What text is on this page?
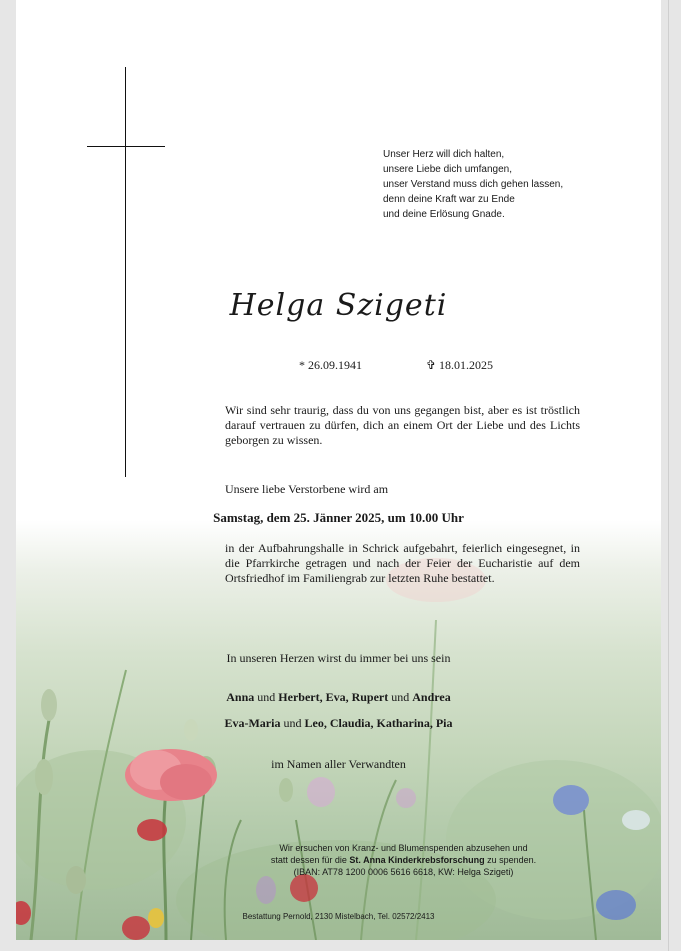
Unser Herz will dich halten,
unsere Liebe dich umfangen,
unser Verstand muss dich gehen lassen,
denn deine Kraft war zu Ende
und deine Erlösung Gnade.
Helga Szigeti
* 26.09.1941	✞ 18.01.2025
Wir sind sehr traurig, dass du von uns gegangen bist, aber es ist tröstlich darauf vertrauen zu dürfen, dich an einem Ort der Liebe und des Lichts geborgen zu wissen.
Unsere liebe Verstorbene wird am
Samstag, dem 25. Jänner 2025, um 10.00 Uhr
in der Aufbahrungshalle in Schrick aufgebahrt, feierlich eingesegnet, in die Pfarrkirche getragen und nach der Feier der Eucharistie auf dem Ortsfriedhof im Familiengrab zur letzten Ruhe bestattet.
In unseren Herzen wirst du immer bei uns sein
Anna und Herbert, Eva, Rupert und Andrea
Eva-Maria und Leo, Claudia, Katharina, Pia
im Namen aller Verwandten
Wir ersuchen von Kranz- und Blumenspenden abzusehen und
statt dessen für die St. Anna Kinderkrebsforschung zu spenden.
(IBAN: AT78 1200 0006 5616 6618, KW: Helga Szigeti)
Bestattung Pernold, 2130 Mistelbach, Tel. 02572/2413
